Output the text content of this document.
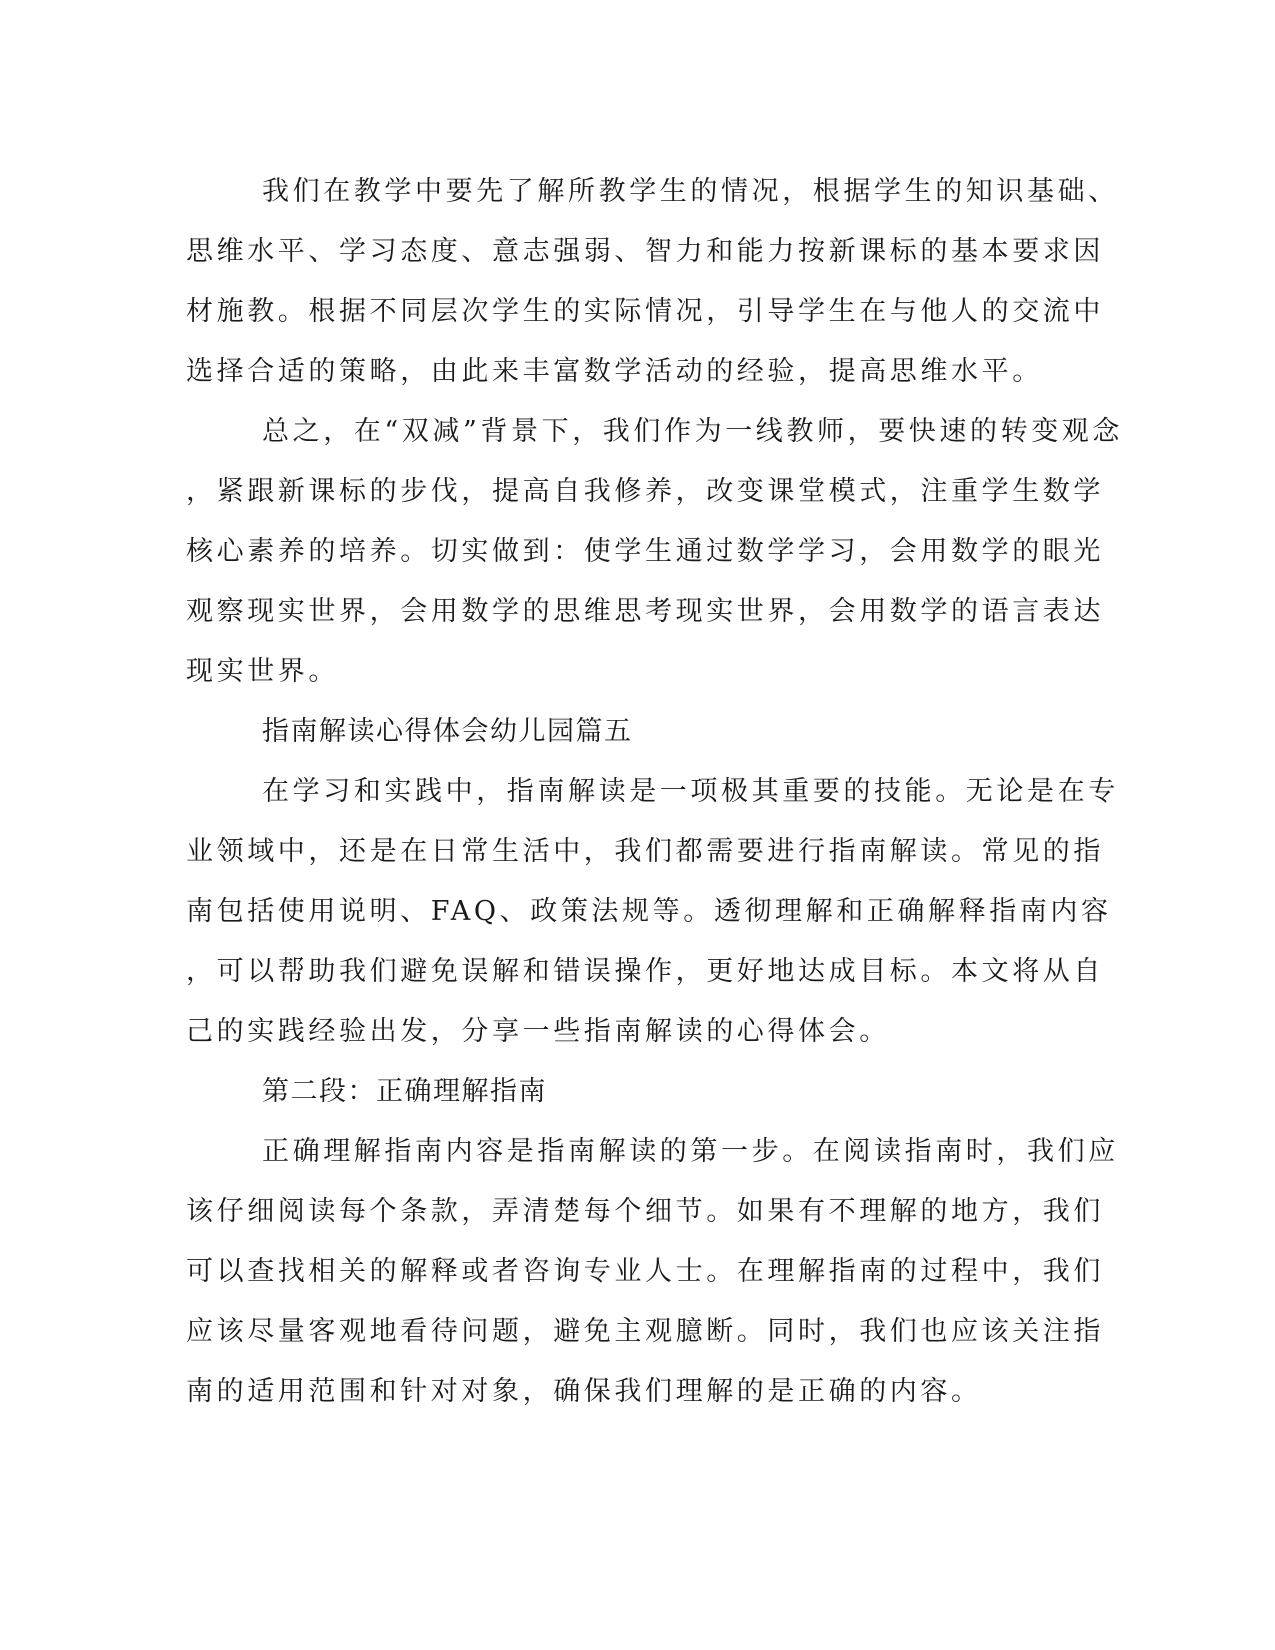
我们在教学中要先了解所教学生的情况，根据学生的知识基础、

思维水平、学习态度、意志强弱、智力和能力按新课标的基本要求因

材施教。根据不同层次学生的实际情况，引导学生在与他人的交流中

选择合适的策略，由此来丰富数学活动的经验，提高思维水平。

总之，在“双减”背景下，我们作为一线教师，要快速的转变观念

，紧跟新课标的步伐，提高自我修养，改变课堂模式，注重学生数学

核心素养的培养。切实做到：使学生通过数学学习，会用数学的眼光

观察现实世界，会用数学的思维思考现实世界，会用数学的语言表达

现实世界。

指南解读心得体会幼儿园篇五

在学习和实践中，指南解读是一项极其重要的技能。无论是在专

业领域中，还是在日常生活中，我们都需要进行指南解读。常见的指

南包括使用说明、FAQ、政策法规等。透彻理解和正确解释指南内容

，可以帮助我们避免误解和错误操作，更好地达成目标。本文将从自

己的实践经验出发，分享一些指南解读的心得体会。

第二段：正确理解指南

正确理解指南内容是指南解读的第一步。在阅读指南时，我们应

该仔细阅读每个条款，弄清楚每个细节。如果有不理解的地方，我们

可以查找相关的解释或者咨询专业人士。在理解指南的过程中，我们

应该尽量客观地看待问题，避免主观臆断。同时，我们也应该关注指

南的适用范围和针对对象，确保我们理解的是正确的内容。
